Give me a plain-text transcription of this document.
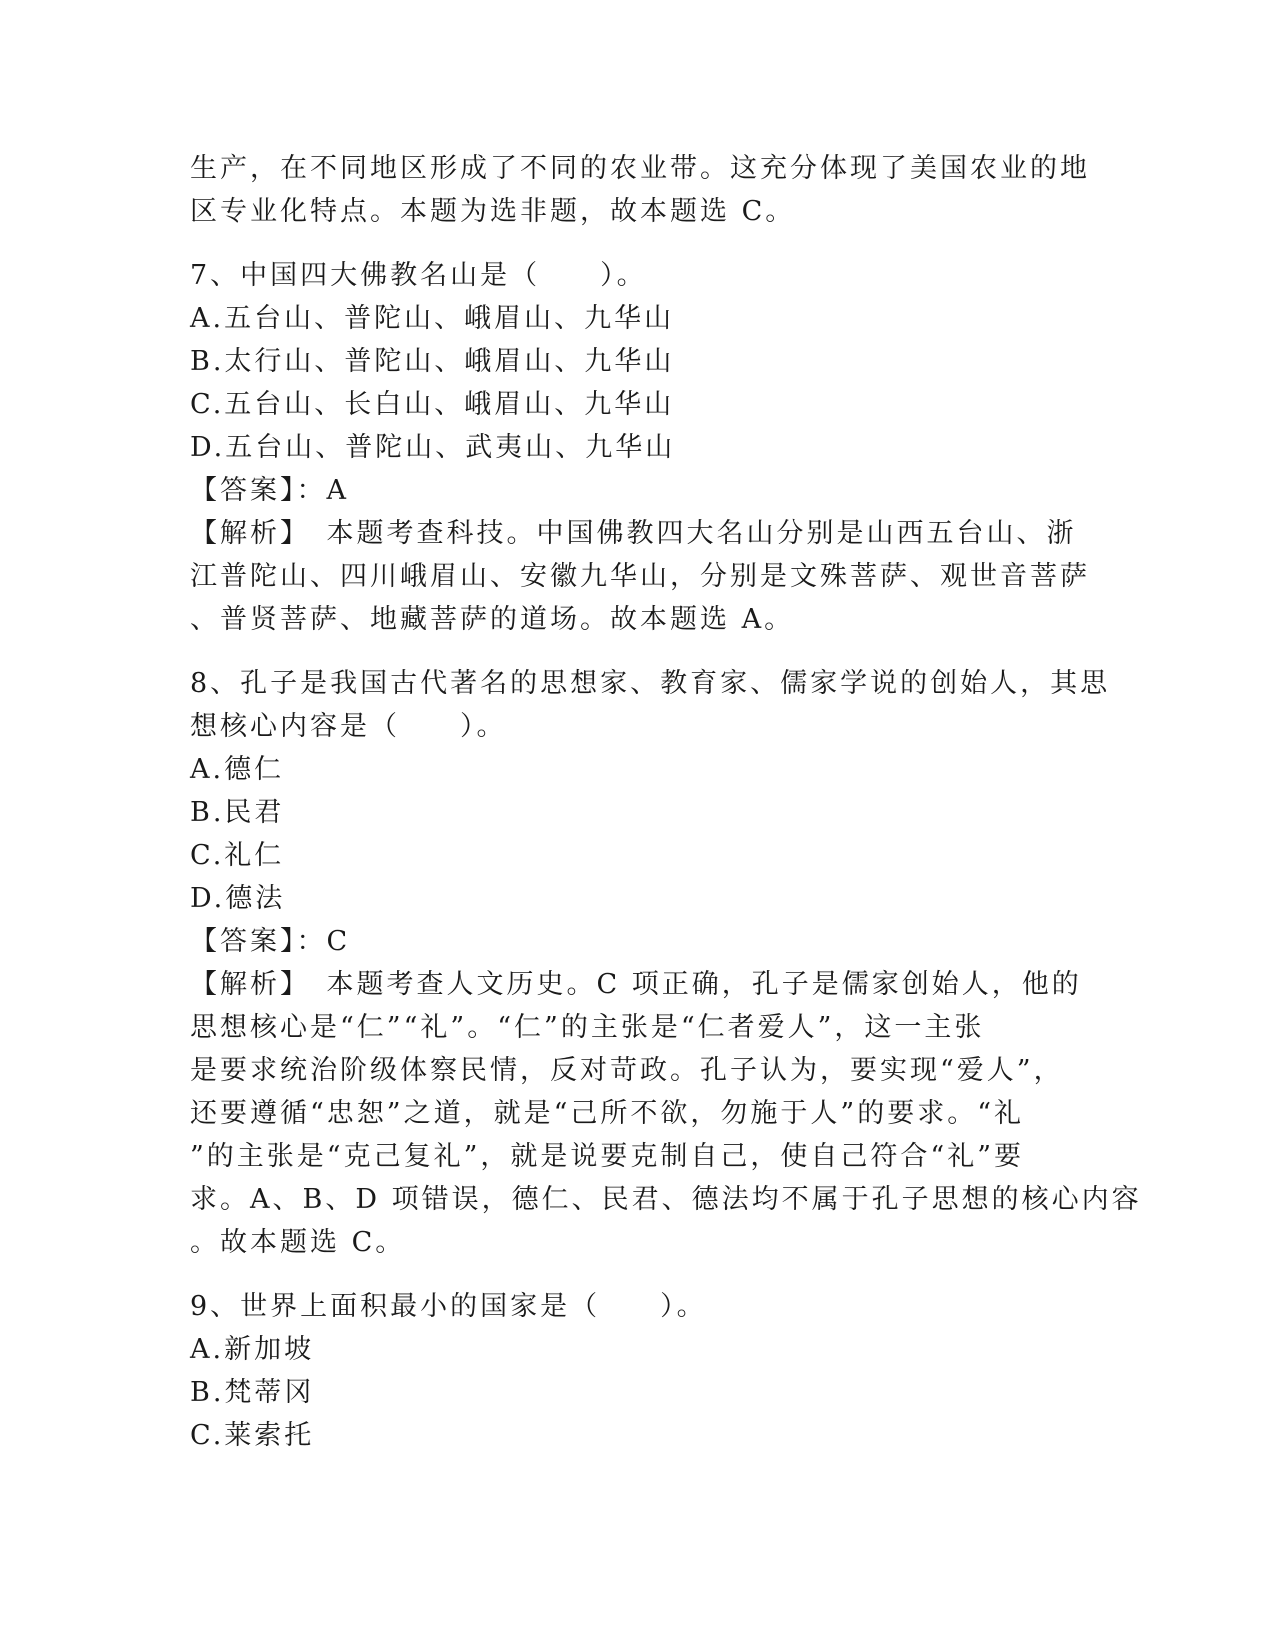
生产，在不同地区形成了不同的农业带。这充分体现了美国农业的地
区专业化特点。本题为选非题，故本题选 C。
7、中国四大佛教名山是（　　）。
A.五台山、普陀山、峨眉山、九华山
B.太行山、普陀山、峨眉山、九华山
C.五台山、长白山、峨眉山、九华山
D.五台山、普陀山、武夷山、九华山
【答案】：A
【解析】　本题考查科技。中国佛教四大名山分别是山西五台山、浙
江普陀山、四川峨眉山、安徽九华山，分别是文殊菩萨、观世音菩萨
、普贤菩萨、地藏菩萨的道场。故本题选 A。
8、孔子是我国古代著名的思想家、教育家、儒家学说的创始人，其思
想核心内容是（　　）。
A.德仁
B.民君
C.礼仁
D.德法
【答案】：C
【解析】　本题考查人文历史。C 项正确，孔子是儒家创始人，他的
思想核心是“仁”“礼”。“仁”的主张是“仁者爱人”，这一主张
是要求统治阶级体察民情，反对苛政。孔子认为，要实现“爱人”，
还要遵循“忠恕”之道，就是“己所不欲，勿施于人”的要求。“礼
”的主张是“克己复礼”，就是说要克制自己，使自己符合“礼”要
求。A、B、D 项错误，德仁、民君、德法均不属于孔子思想的核心内容
。故本题选 C。
9、世界上面积最小的国家是（　　）。
A.新加坡
B.梵蒂冈
C.莱索托
